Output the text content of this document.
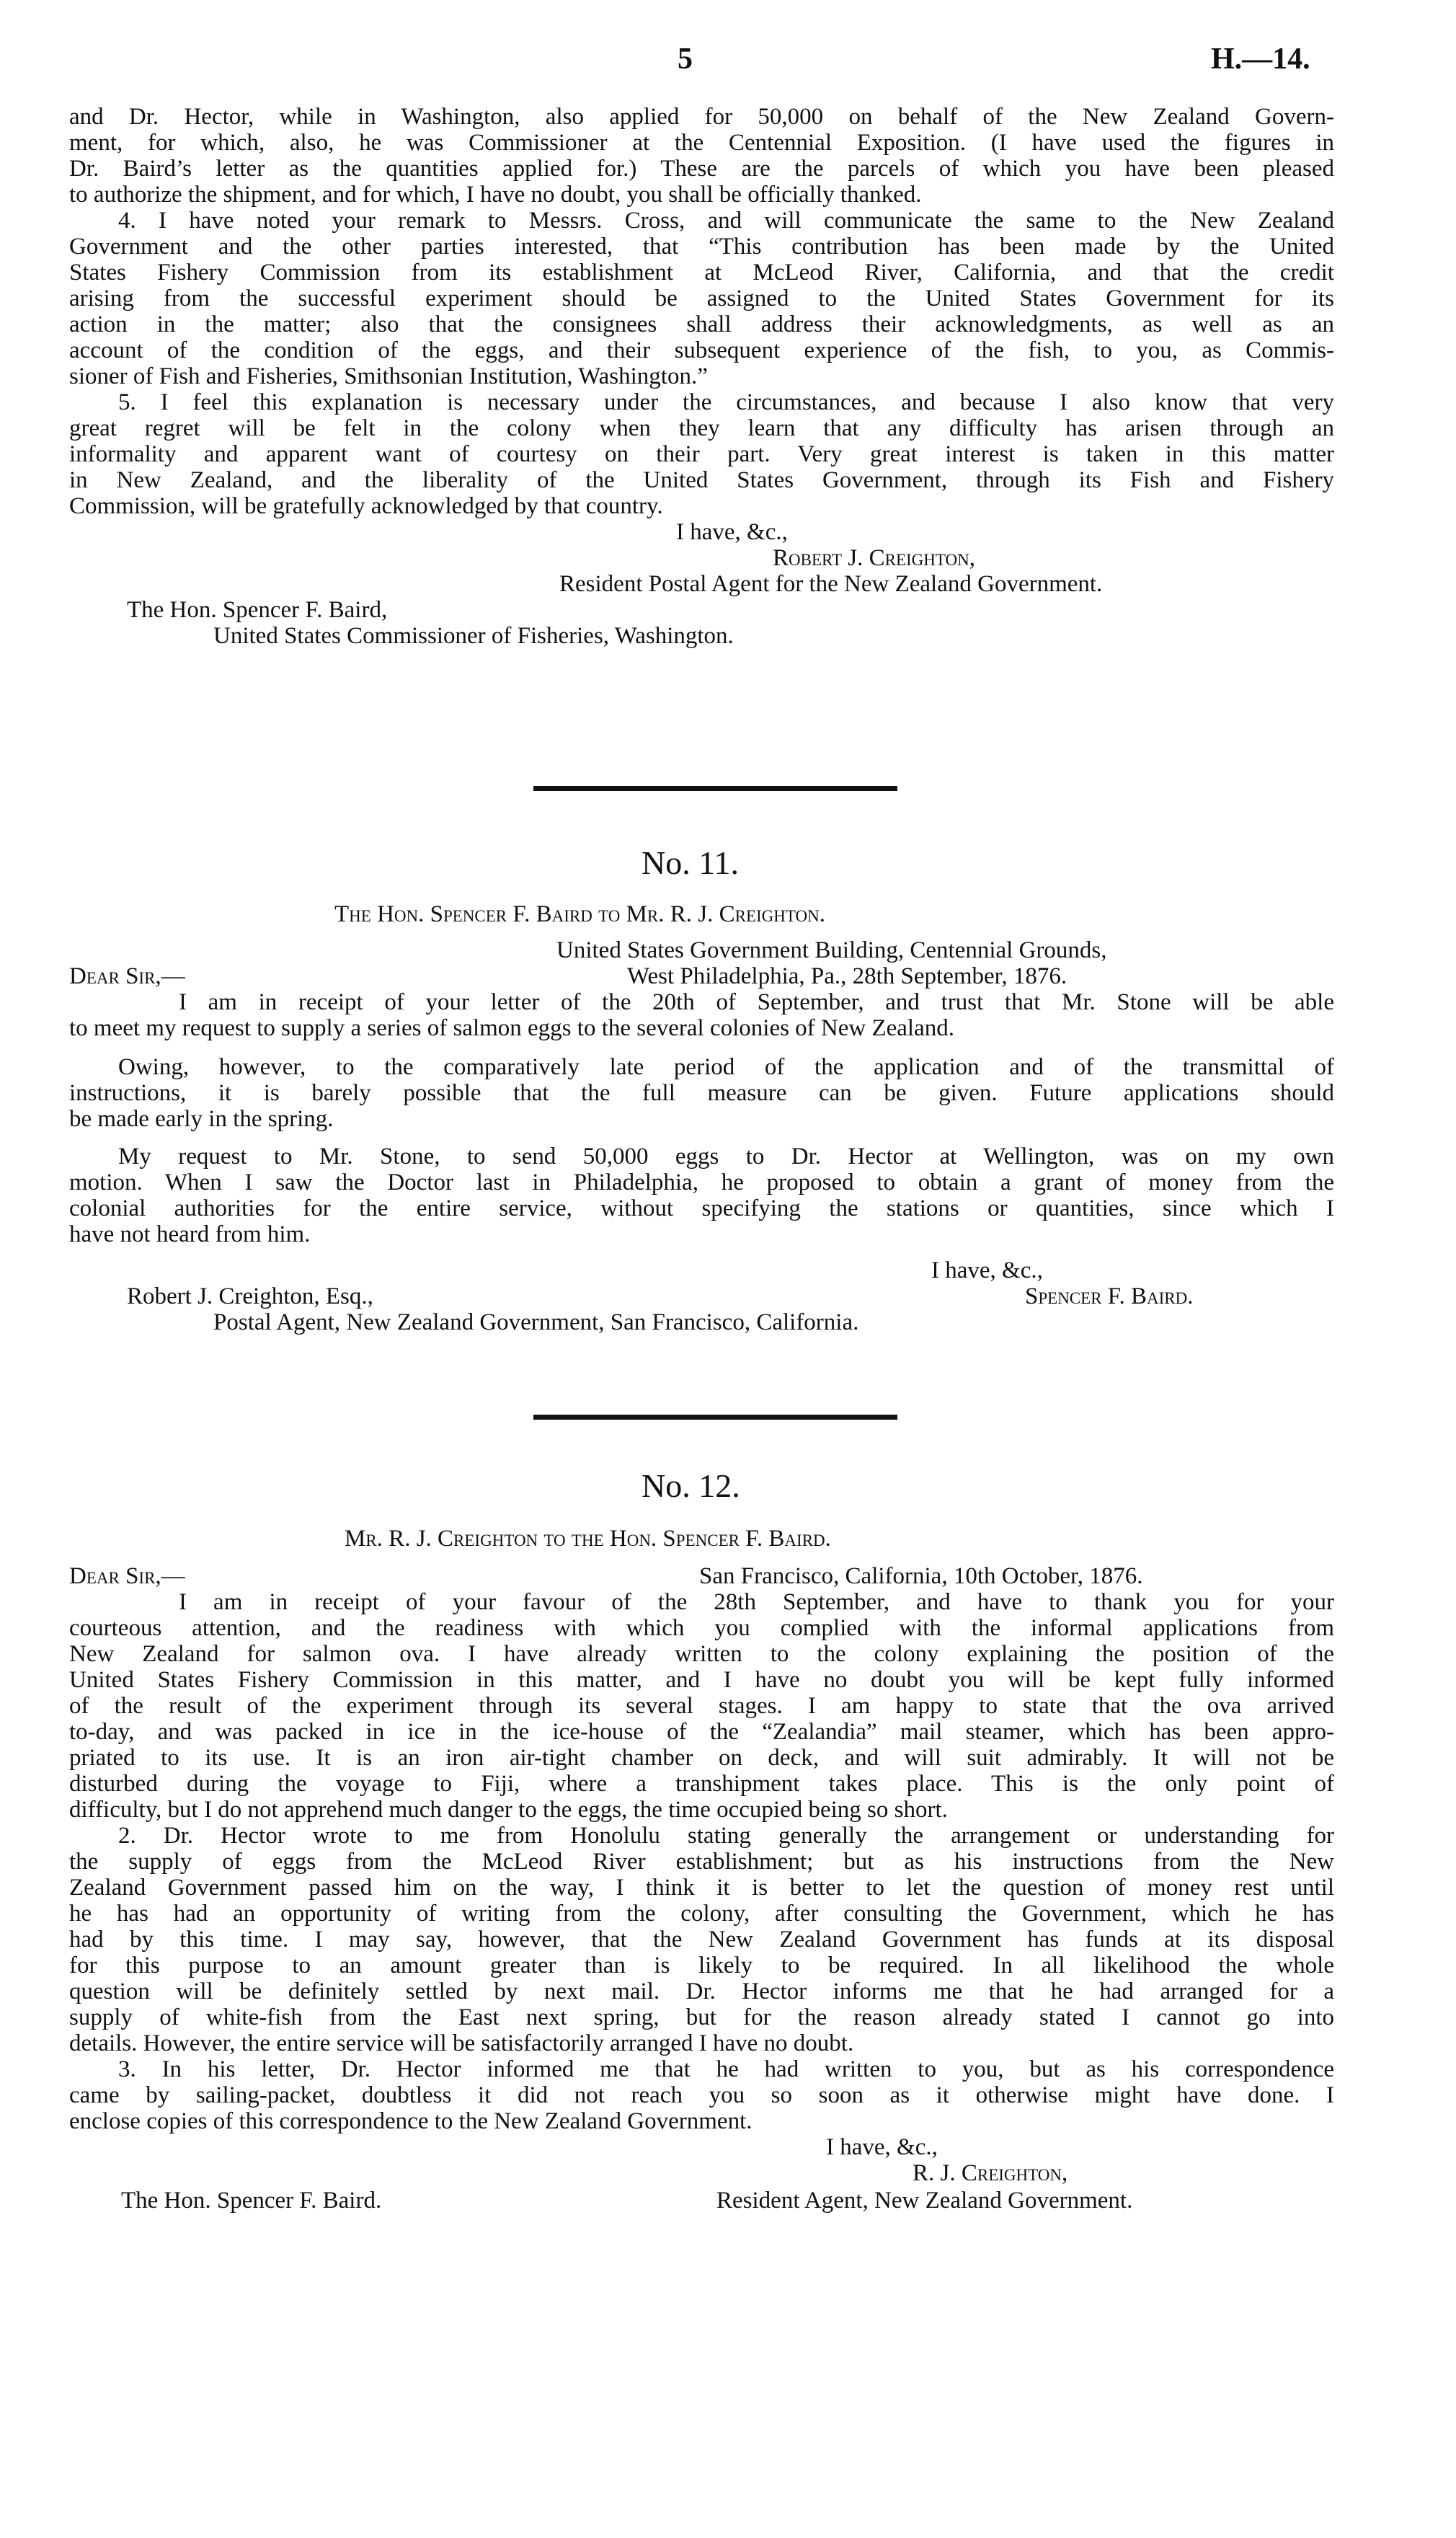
5	H.—14.
and Dr. Hector, while in Washington, also applied for 50,000 on behalf of the New Zealand Govern-
ment, for which, also, he was Commissioner at the Centennial Exposition. (I have used the figures in
Dr. Baird’s letter as the quantities applied for.) These are the parcels of which you have been pleased
to authorize the shipment, and for which, I have no doubt, you shall be officially thanked.
4. I have noted your remark to Messrs. Cross, and will communicate the same to the New Zealand
Government and the other parties interested, that “This contribution has been made by the United
States Fishery Commission from its establishment at McLeod River, California, and that the credit
arising from the successful experiment should be assigned to the United States Government for its
action in the matter; also that the consignees shall address their acknowledgments, as well as an
account of the condition of the eggs, and their subsequent experience of the fish, to you, as Commis-
sioner of Fish and Fisheries, Smithsonian Institution, Washington.”
5. I feel this explanation is necessary under the circumstances, and because I also know that very
great regret will be felt in the colony when they learn that any difficulty has arisen through an
informality and apparent want of courtesy on their part. Very great interest is taken in this matter
in New Zealand, and the liberality of the United States Government, through its Fish and Fishery
Commission, will be gratefully acknowledged by that country.
I have, &c.,
Robert J. Creighton,
Resident Postal Agent for the New Zealand Government.
The Hon. Spencer F. Baird,
United States Commissioner of Fisheries, Washington.
No. 11.
The Hon. Spencer F. Baird to Mr. R. J. Creighton.
United States Government Building, Centennial Grounds,
Dear Sir,—	West Philadelphia, Pa., 28th September, 1876.
I am in receipt of your letter of the 20th of September, and trust that Mr. Stone will be able
to meet my request to supply a series of salmon eggs to the several colonies of New Zealand.
Owing, however, to the comparatively late period of the application and of the transmittal of
instructions, it is barely possible that the full measure can be given. Future applications should
be made early in the spring.
My request to Mr. Stone, to send 50,000 eggs to Dr. Hector at Wellington, was on my own
motion. When I saw the Doctor last in Philadelphia, he proposed to obtain a grant of money from the
colonial authorities for the entire service, without specifying the stations or quantities, since which I
have not heard from him.
I have, &c.,
Robert J. Creighton, Esq.,	Spencer F. Baird.
Postal Agent, New Zealand Government, San Francisco, California.
No. 12.
Mr. R. J. Creighton to the Hon. Spencer F. Baird.
Dear Sir,—	San Francisco, California, 10th October, 1876.
I am in receipt of your favour of the 28th September, and have to thank you for your
courteous attention, and the readiness with which you complied with the informal applications from
New Zealand for salmon ova. I have already written to the colony explaining the position of the
United States Fishery Commission in this matter, and I have no doubt you will be kept fully informed
of the result of the experiment through its several stages. I am happy to state that the ova arrived
to-day, and was packed in ice in the ice-house of the “Zealandia” mail steamer, which has been appro-
priated to its use. It is an iron air-tight chamber on deck, and will suit admirably. It will not be
disturbed during the voyage to Fiji, where a transhipment takes place. This is the only point of
difficulty, but I do not apprehend much danger to the eggs, the time occupied being so short.
2. Dr. Hector wrote to me from Honolulu stating generally the arrangement or understanding for
the supply of eggs from the McLeod River establishment; but as his instructions from the New
Zealand Government passed him on the way, I think it is better to let the question of money rest until
he has had an opportunity of writing from the colony, after consulting the Government, which he has
had by this time. I may say, however, that the New Zealand Government has funds at its disposal
for this purpose to an amount greater than is likely to be required. In all likelihood the whole
question will be definitely settled by next mail. Dr. Hector informs me that he had arranged for a
supply of white-fish from the East next spring, but for the reason already stated I cannot go into
details. However, the entire service will be satisfactorily arranged I have no doubt.
3. In his letter, Dr. Hector informed me that he had written to you, but as his correspondence
came by sailing-packet, doubtless it did not reach you so soon as it otherwise might have done. I
enclose copies of this correspondence to the New Zealand Government.
I have, &c.,
R. J. Creighton,
The Hon. Spencer F. Baird.	Resident Agent, New Zealand Government.
